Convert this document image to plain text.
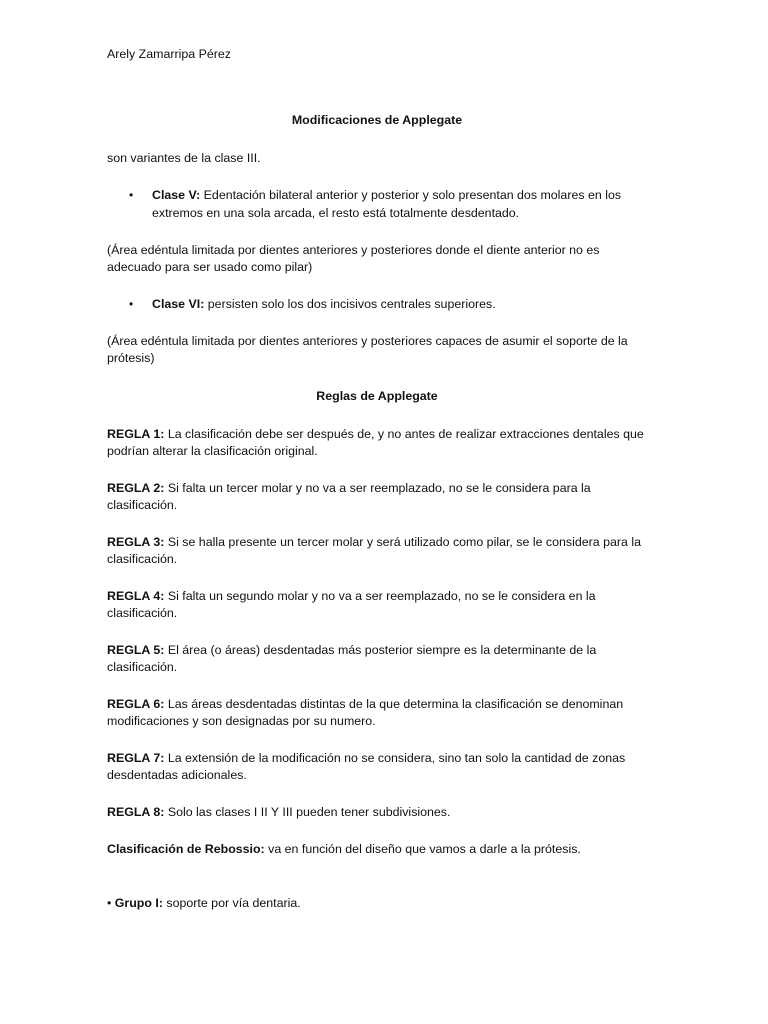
Arely Zamarripa Pérez
Modificaciones de Applegate
son variantes de la clase III.
• Clase V: Edentación bilateral anterior y posterior y solo presentan dos molares en los
extremos en una sola arcada, el resto está totalmente desdentado.
(Área edéntula limitada por dientes anteriores y posteriores donde el diente anterior no es
adecuado para ser usado como pilar)
• Clase VI: persisten solo los dos incisivos centrales superiores.
(Área edéntula limitada por dientes anteriores y posteriores capaces de asumir el soporte de la
prótesis)
Reglas de Applegate
REGLA 1: La clasificación debe ser después de, y no antes de realizar extracciones dentales que
podrían alterar la clasificación original.
REGLA 2: Si falta un tercer molar y no va a ser reemplazado, no se le considera para la
clasificación.
REGLA 3: Si se halla presente un tercer molar y será utilizado como pilar, se le considera para la
clasificación.
REGLA 4: Si falta un segundo molar y no va a ser reemplazado, no se le considera en la
clasificación.
REGLA 5: El área (o áreas) desdentadas más posterior siempre es la determinante de la
clasificación.
REGLA 6: Las áreas desdentadas distintas de la que determina la clasificación se denominan
modificaciones y son designadas por su numero.
REGLA 7: La extensión de la modificación no se considera, sino tan solo la cantidad de zonas
desdentadas adicionales.
REGLA 8: Solo las clases I II Y III pueden tener subdivisiones.
Clasificación de Rebossio: va en función del diseño que vamos a darle a la prótesis.
• Grupo I: soporte por vía dentaria.
